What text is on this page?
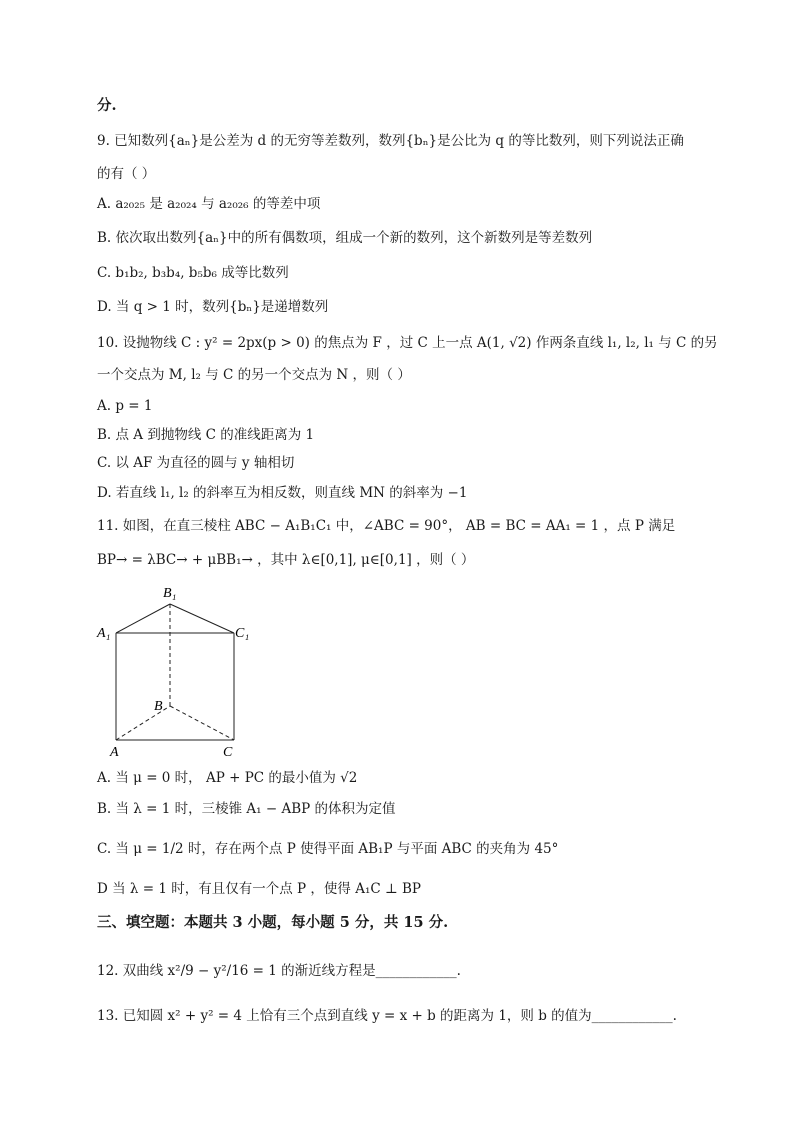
分.
9. 已知数列{aₙ}是公差为 d 的无穷等差数列，数列{bₙ}是公比为 q 的等比数列，则下列说法正确
的有（ ）
A. a₂₀₂₅ 是 a₂₀₂₄ 与 a₂₀₂₆ 的等差中项
B. 依次取出数列{aₙ}中的所有偶数项，组成一个新的数列，这个新数列是等差数列
C. b₁b₂, b₃b₄, b₅b₆ 成等比数列
D. 当 q > 1 时，数列{bₙ}是递增数列
10. 设抛物线 C : y² = 2px(p > 0) 的焦点为 F ，过 C 上一点 A(1, √2) 作两条直线 l₁, l₂, l₁ 与 C 的另
一个交点为 M, l₂ 与 C 的另一个交点为 N ，则（ ）
A. p = 1
B. 点 A 到抛物线 C 的准线距离为 1
C. 以 AF 为直径的圆与 y 轴相切
D. 若直线 l₁, l₂ 的斜率互为相反数，则直线 MN 的斜率为 −1
11. 如图，在直三棱柱 ABC − A₁B₁C₁ 中，∠ABC = 90°， AB = BC = AA₁ = 1 ，点 P 满足
BP→ = λBC→ + μBB₁→ ，其中 λ∈[0,1], μ∈[0,1] ，则（ ）
B₁
A₁	C₁
B
A	C
A. 当 μ = 0 时， AP + PC 的最小值为 √2
B. 当 λ = 1 时，三棱锥 A₁ − ABP 的体积为定值
C. 当 μ = 1/2 时，存在两个点 P 使得平面 AB₁P 与平面 ABC 的夹角为 45°
D 当 λ = 1 时，有且仅有一个点 P ，使得 A₁C ⊥ BP
三、填空题：本题共 3 小题，每小题 5 分，共 15 分.
12. 双曲线 x²/9 − y²/16 = 1 的渐近线方程是____________.
13. 已知圆 x² + y² = 4 上恰有三个点到直线 y = x + b 的距离为 1，则 b 的值为____________.
